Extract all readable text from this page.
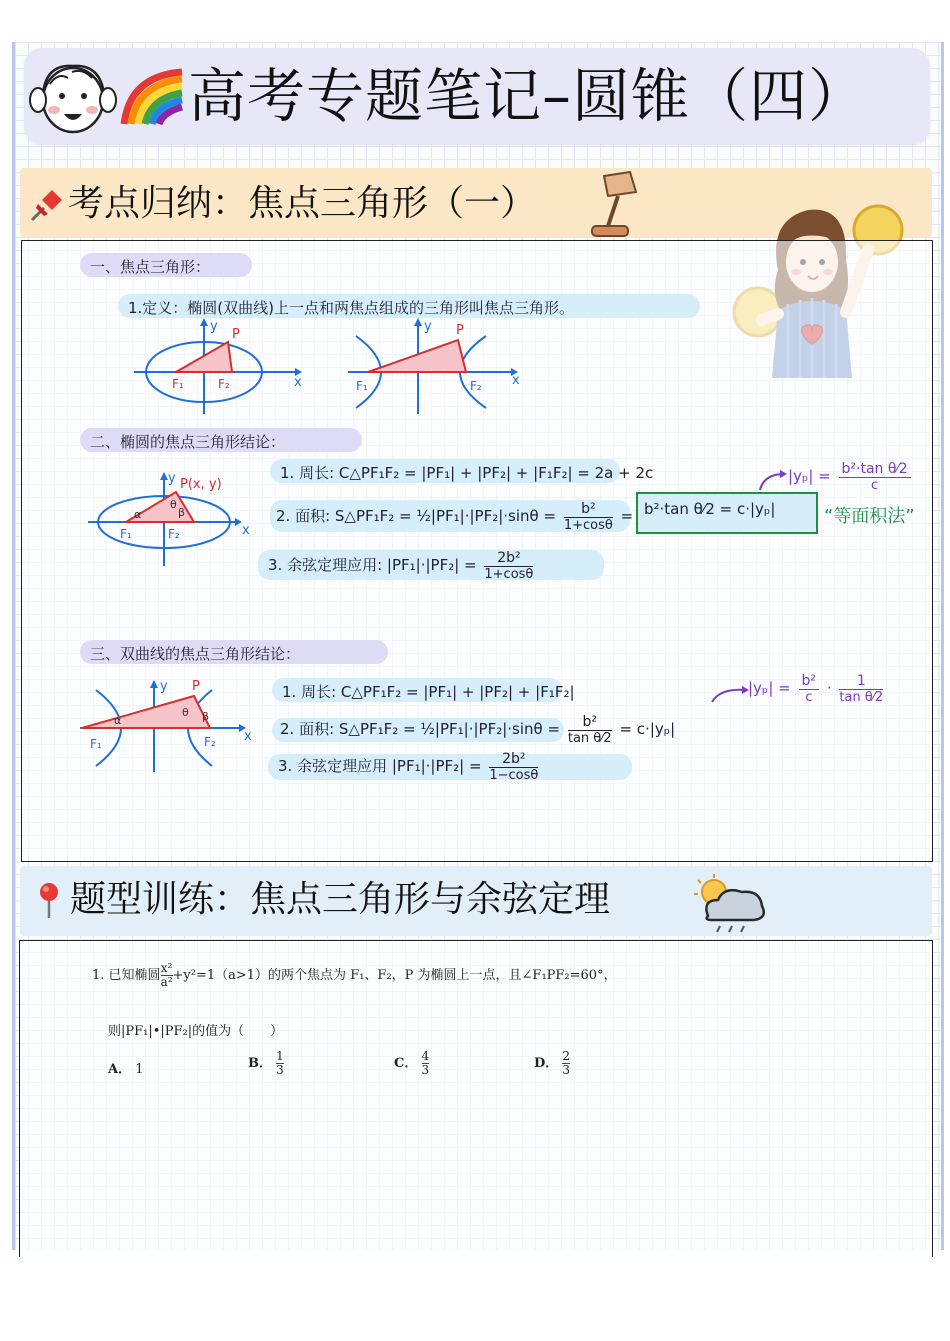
高考专题笔记–圆锥（四）
考点归纳：焦点三角形（一）
一、焦点三角形：
1.定义：椭圆(双曲线)上一点和两焦点组成的三角形叫焦点三角形。
y
P
x
F₁	F₂
y P
x
F₁	F₂
二、椭圆的焦点三角形结论：
y P(x, y)
α
θ
β
F₁	F₂	x
1. 周长: C△PF₁F₂ = |PF₁| + |PF₂| + |F₁F₂| = 2a + 2c
2. 面积: S△PF₁F₂ = ½|PF₁|·|PF₂|·sinθ = $\frac{\text{b²}}{1+\cos\theta} = b^2\cdot\tan$ θ⁄2 = c·|yₚ|
3. 余弦定理应用: $|PF_1|\cdot|PF_2| = \frac{\text{2b²}}{1+\cos\theta}$
$|y_p| = \frac{\text{b²·tan θ⁄2}}{c}$
“等面积法”
三、双曲线的焦点三角形结论：
y P
α
θ β
F₁	F₂ x
1. 周长: C△PF₁F₂ = |PF₁| + |PF₂| + |F₁F₂|
2. 面积: S△PF₁F₂ = ½|PF₁|·|PF₂|·sinθ = $\frac{\text{b²}}{\text{tan θ⁄2}} = c\cdot|y_p|$
3. 余弦定理应用 $|PF_1|\cdot|PF_2| = \frac{\text{2b²}}{1-\cos\theta}$
$|y_p| = \frac{\text{b²}}{c} \cdot \frac{1}{\text{tan θ⁄2}}$
题型训练：焦点三角形与余弦定理
1. 已知椭圆 $\frac{\text{x²}}{\text{a²}} +y^2=1(a>1)$的两个焦点为 F₁、F₂，P 为椭圆上一点，且∠F₁PF₂=60°，
则|PF₁|•|PF₂|的值为（　　）
A． 1	B． $\frac{1}{3}$	C． $\frac{4}{3}$	D． $\frac{2}{3}$
